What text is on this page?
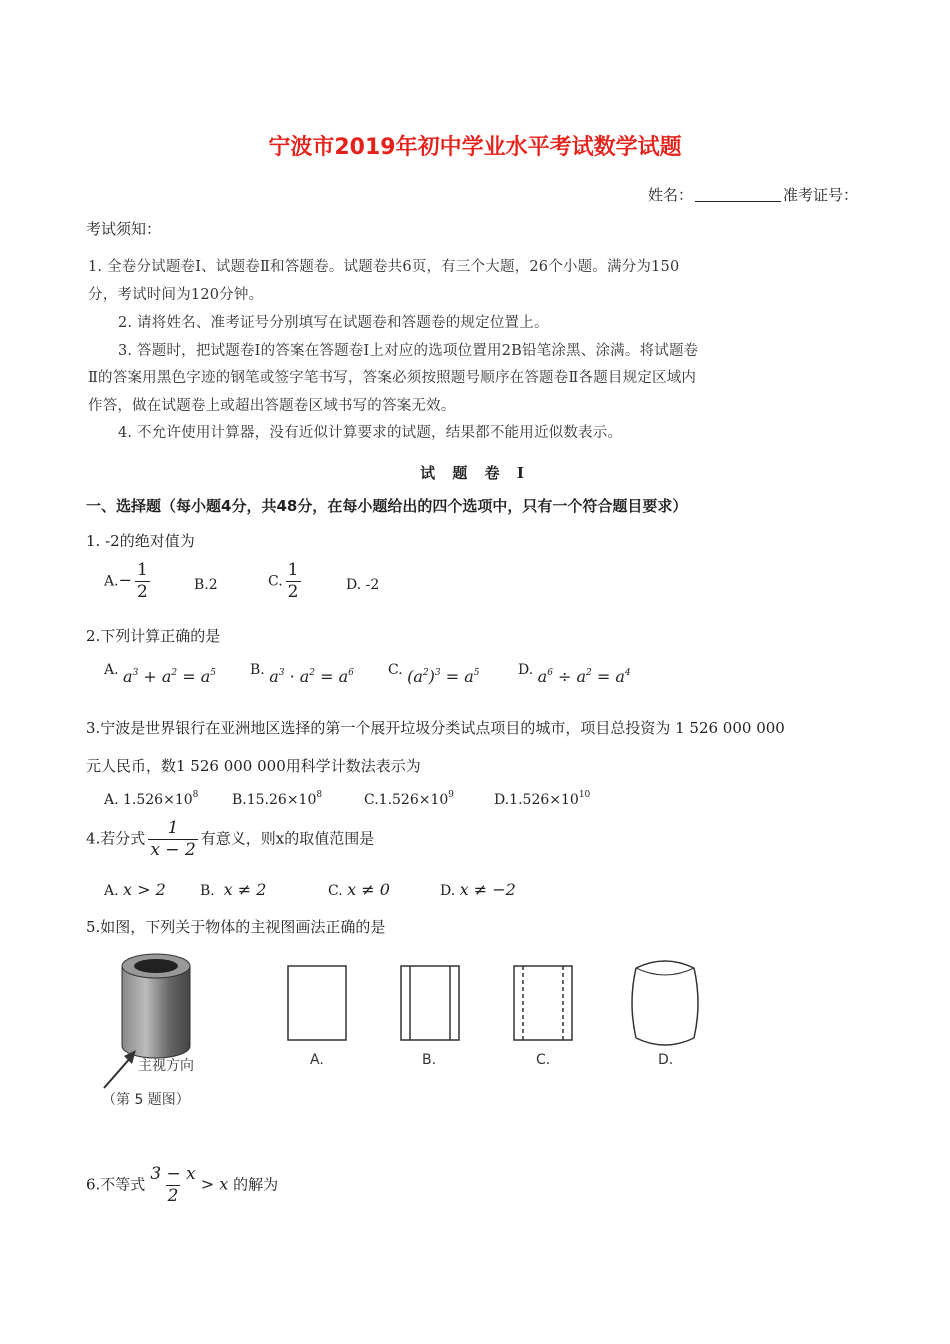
宁波市2019年初中学业水平考试数学试题
姓名：	准考证号：
考试须知：
1. 全卷分试题卷Ⅰ、试题卷Ⅱ和答题卷。试题卷共6页，有三个大题，26个小题。满分为150
分，考试时间为120分钟。
2. 请将姓名、准考证号分别填写在试题卷和答题卷的规定位置上。
3. 答题时，把试题卷Ⅰ的答案在答题卷Ⅰ上对应的选项位置用2B铅笔涂黑、涂满。将试题卷
Ⅱ的答案用黑色字迹的钢笔或签字笔书写，答案必须按照题号顺序在答题卷Ⅱ各题目规定区域内
作答，做在试题卷上或超出答题卷区域书写的答案无效。
4. 不允许使用计算器，没有近似计算要求的试题，结果都不能用近似数表示。
试 题 卷 I
一、选择题（每小题4分，共48分，在每小题给出的四个选项中，只有一个符合题目要求）
1. -2的绝对值为
$A.- \frac{1}{2}$	B.2	C. $\frac{1}{2}$	D. -2
2.下列计算正确的是
A. $a^3 + a^2 = a^5$ B. $a^3 \cdot a^2 = a^6$ C. $(a^2)^3 = a^5$	D. $a^6 \div a^2 = a^4$
3.宁波是世界银行在亚洲地区选择的第一个展开垃圾分类试点项目的城市，项目总投资为 1 526 000 000
元人民币，数1 526 000 000用科学计数法表示为
A. $1.526\times 10^8$ $B.15.26\times 10^8$	$C.1.526\times 10^9$	$D.1.526\times 10^{10}$
4.若分式 $\frac{1}{x - 2}$ 有意义，则x的取值范围是
A. x > 2 B. x ≠ 2	C. x ≠ 0	D. x ≠ −2
5.如图，下列关于物体的主视图画法正确的是
主视方向
（第 5 题图）
A.	B.	C.	D.
6.不等式 $\frac{3 - x}{2} > x$ 的解为
